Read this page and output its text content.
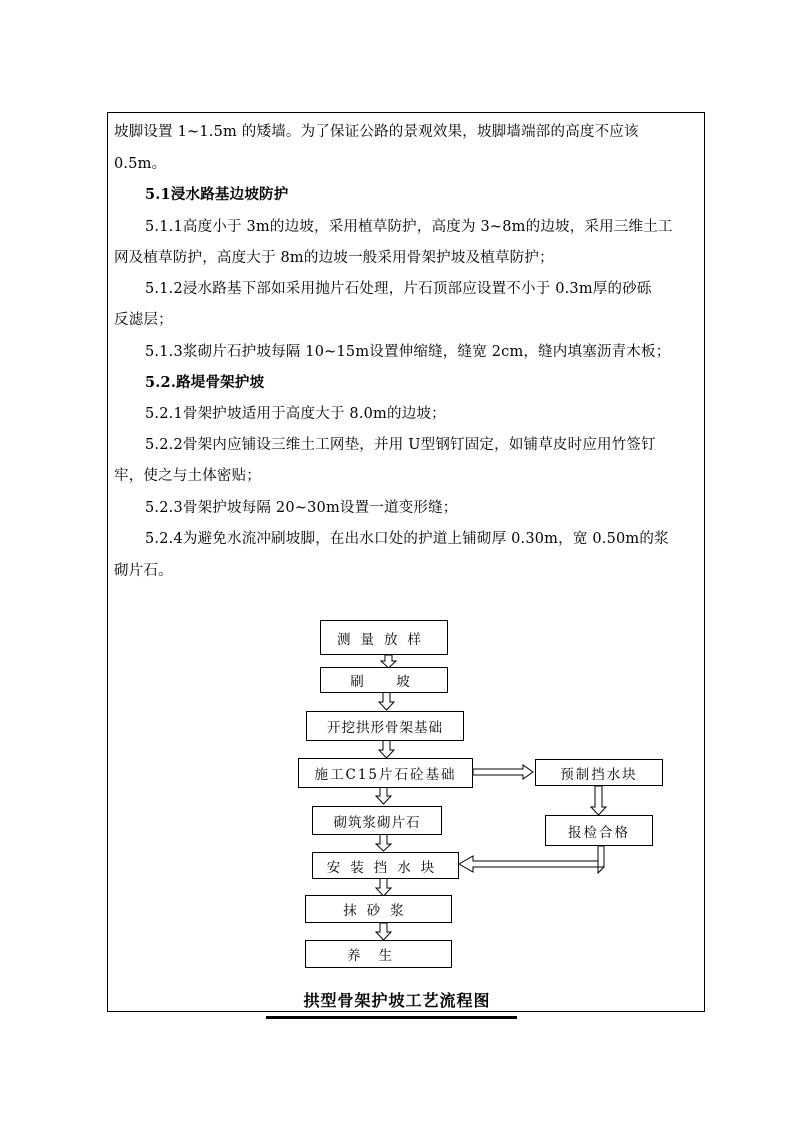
坡脚设置 1~1.5m 的矮墙。为了保证公路的景观效果，坡脚墙端部的高度不应该
0.5m。
5.1浸水路基边坡防护
5.1.1高度小于 3m的边坡，采用植草防护，高度为 3~8m的边坡，采用三维土工
网及植草防护，高度大于 8m的边坡一般采用骨架护坡及植草防护；
5.1.2浸水路基下部如采用抛片石处理，片石顶部应设置不小于 0.3m厚的砂砾
反滤层；
5.1.3浆砌片石护坡每隔 10~15m设置伸缩缝，缝宽 2cm，缝内填塞沥青木板；
5.2.路堤骨架护坡
5.2.1骨架护坡适用于高度大于 8.0m的边坡；
5.2.2骨架内应铺设三维土工网垫，并用 U型钢钉固定，如铺草皮时应用竹签钉
牢，使之与土体密贴；
5.2.3骨架护坡每隔 20~30m设置一道变形缝；
5.2.4为避免水流冲刷坡脚，在出水口处的护道上铺砌厚 0.30m，宽 0.50m的浆
砌片石。
测量放样
刷  坡
开挖拱形骨架基础
施工C15片石砼基础
砌筑浆砌片石
安装挡水块
抹砂浆
养生
预制挡水块
报检合格
拱型骨架护坡工艺流程图
